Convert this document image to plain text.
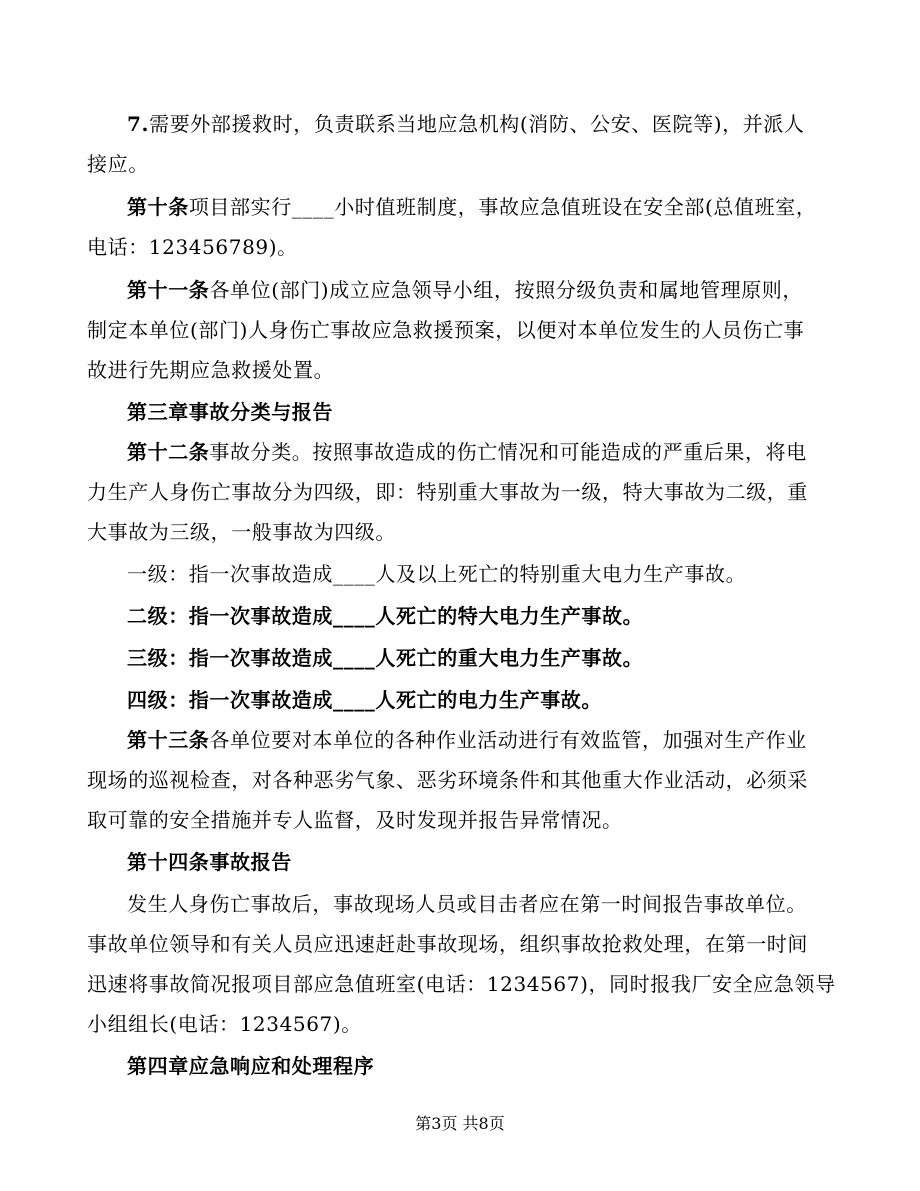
7.需要外部援救时，负责联系当地应急机构(消防、公安、医院等)，并派人
接应。
第十条项目部实行____小时值班制度，事故应急值班设在安全部(总值班室，
电话：123456789)。
第十一条各单位(部门)成立应急领导小组，按照分级负责和属地管理原则，
制定本单位(部门)人身伤亡事故应急救援预案，以便对本单位发生的人员伤亡事
故进行先期应急救援处置。
第三章事故分类与报告
第十二条事故分类。按照事故造成的伤亡情况和可能造成的严重后果，将电
力生产人身伤亡事故分为四级，即：特别重大事故为一级，特大事故为二级，重
大事故为三级，一般事故为四级。
一级：指一次事故造成____人及以上死亡的特别重大电力生产事故。
二级：指一次事故造成____人死亡的特大电力生产事故。
三级：指一次事故造成____人死亡的重大电力生产事故。
四级：指一次事故造成____人死亡的电力生产事故。
第十三条各单位要对本单位的各种作业活动进行有效监管，加强对生产作业
现场的巡视检查，对各种恶劣气象、恶劣环境条件和其他重大作业活动，必须采
取可靠的安全措施并专人监督，及时发现并报告异常情况。
第十四条事故报告
发生人身伤亡事故后，事故现场人员或目击者应在第一时间报告事故单位。
事故单位领导和有关人员应迅速赶赴事故现场，组织事故抢救处理，在第一时间
迅速将事故简况报项目部应急值班室(电话：1234567)，同时报我厂安全应急领导
小组组长(电话：1234567)。
第四章应急响应和处理程序
第3页 共8页
